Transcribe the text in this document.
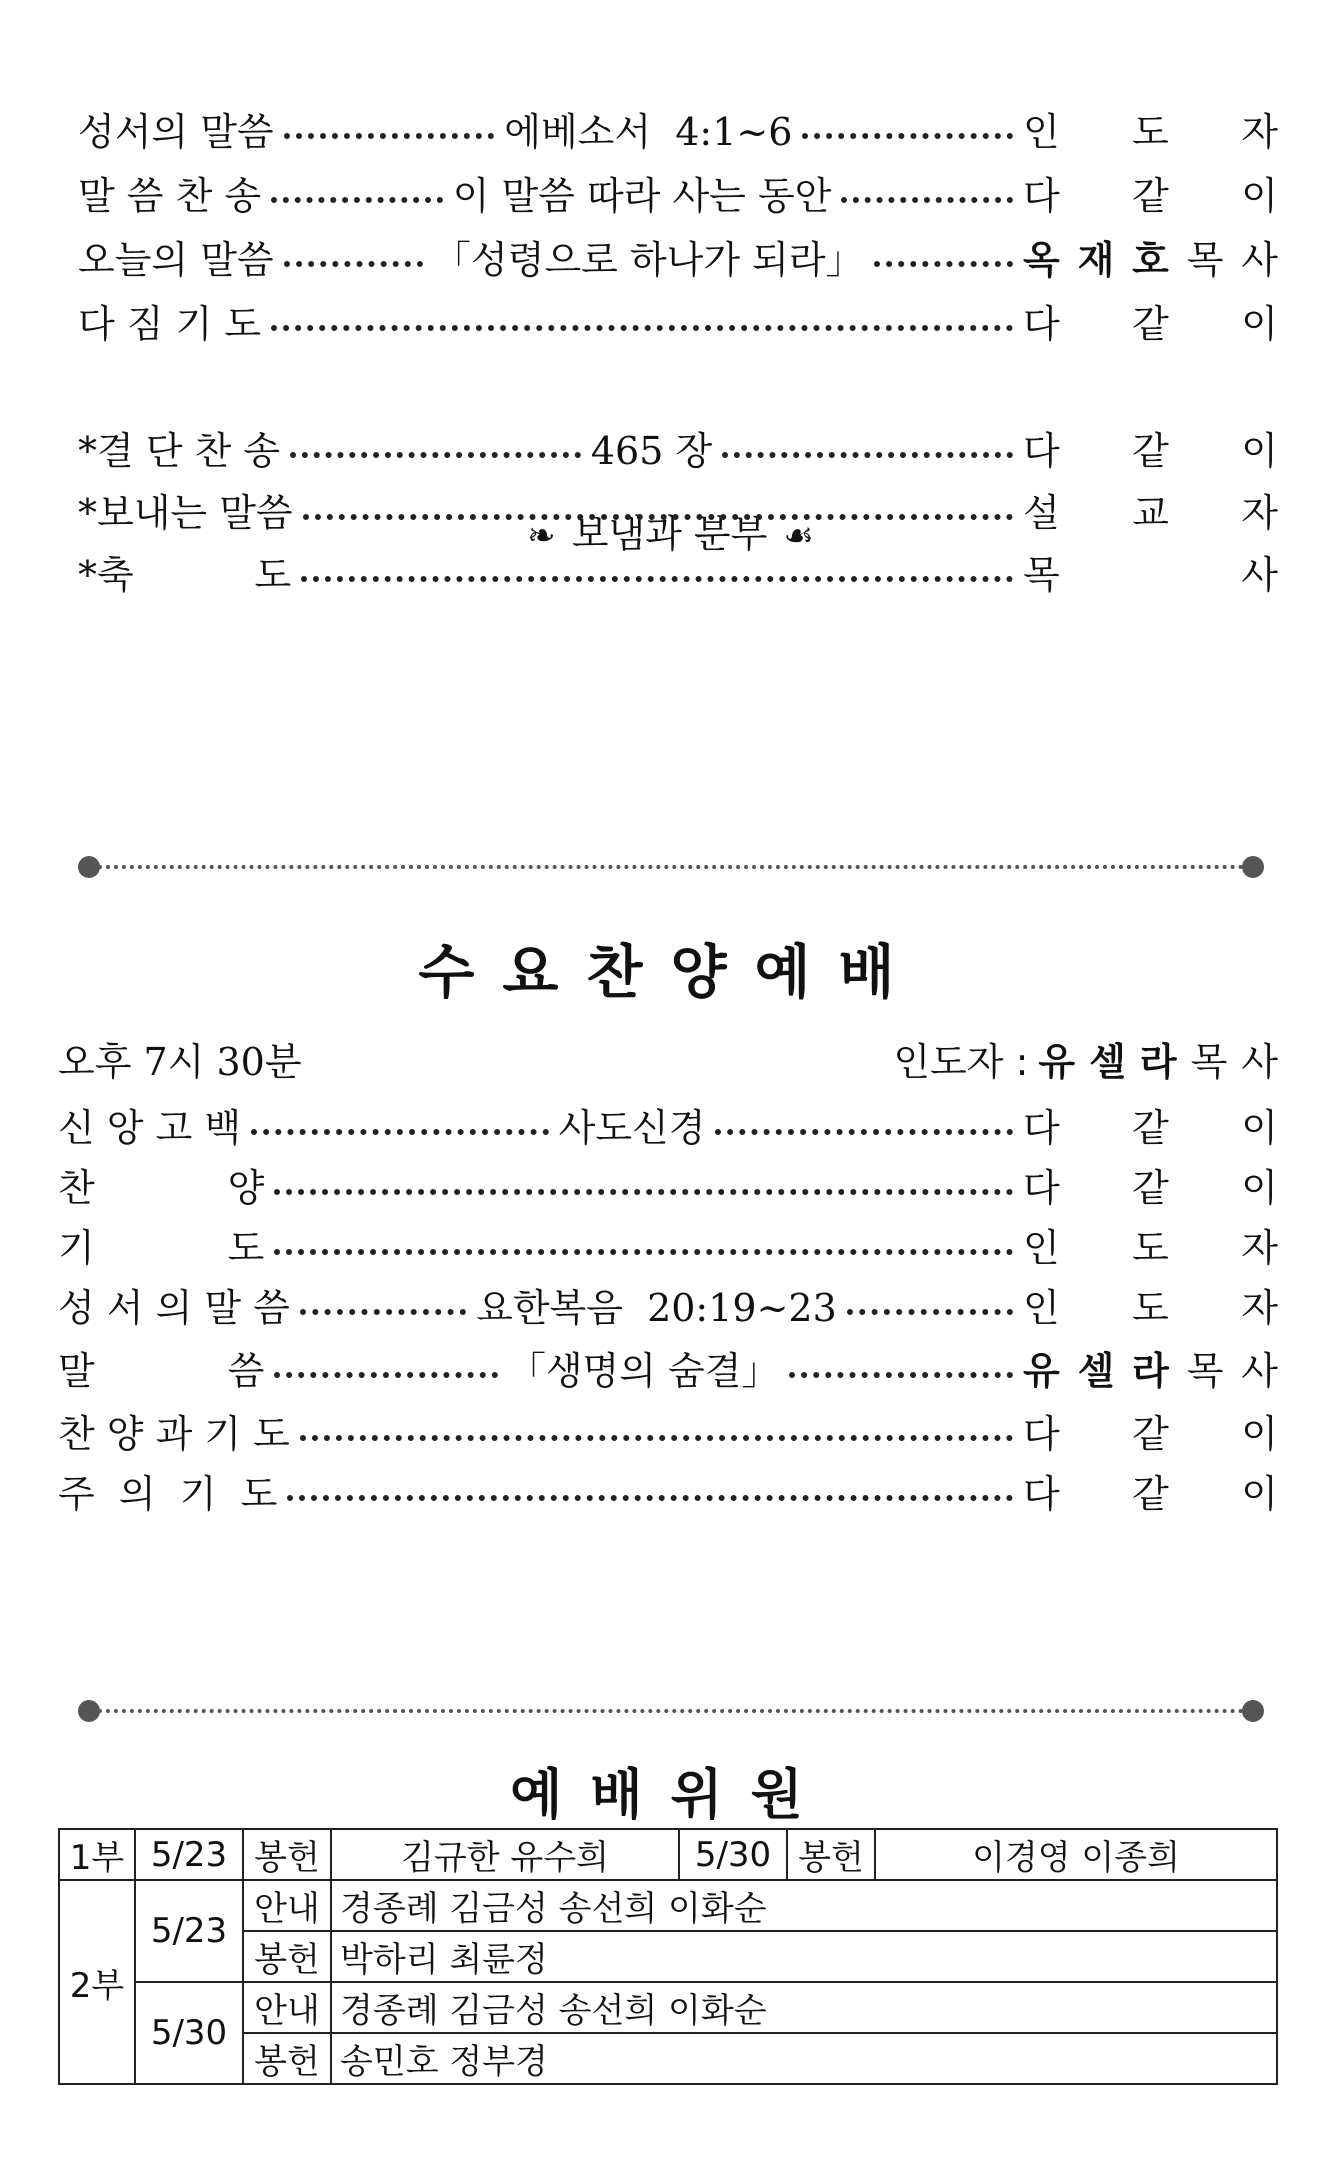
성서의 말씀	에베소서  4:1~6	인 도 자
말 씀 찬 송	이 말씀 따라 사는 동안	다 같 이
오늘의 말씀	「성령으로 하나가 되라」	옥 재 호 목 사
다 짐 기 도	다 같 이
❧ 보냄과 분부 ☙
*결 단 찬 송	465 장	다 같 이
*보내는 말씀	설 교 자
*축          도	목	사
수요찬양예배
오후 7시 30분	인도자 : 유 셀 라 목 사
신 앙 고 백	사도신경	다 같 이
찬           양	다 같 이
기           도	인 도 자
성 서 의 말 씀	요한복음  20:19~23	인 도 자
말           씀	「생명의 숨결」	유 셀 라 목 사
찬 양 과 기 도	다 같 이
주  의  기  도	다 같 이
예배위원
1부	5/23	봉헌	김규한 유수희	5/30	봉헌	이경영 이종희
2부	5/23	안내	경종례 김금성 송선희 이화순			
		봉헌	박하리 최륜정			
	5/30	안내	경종례 김금성 송선희 이화순			
		봉헌	송민호 정부경			
